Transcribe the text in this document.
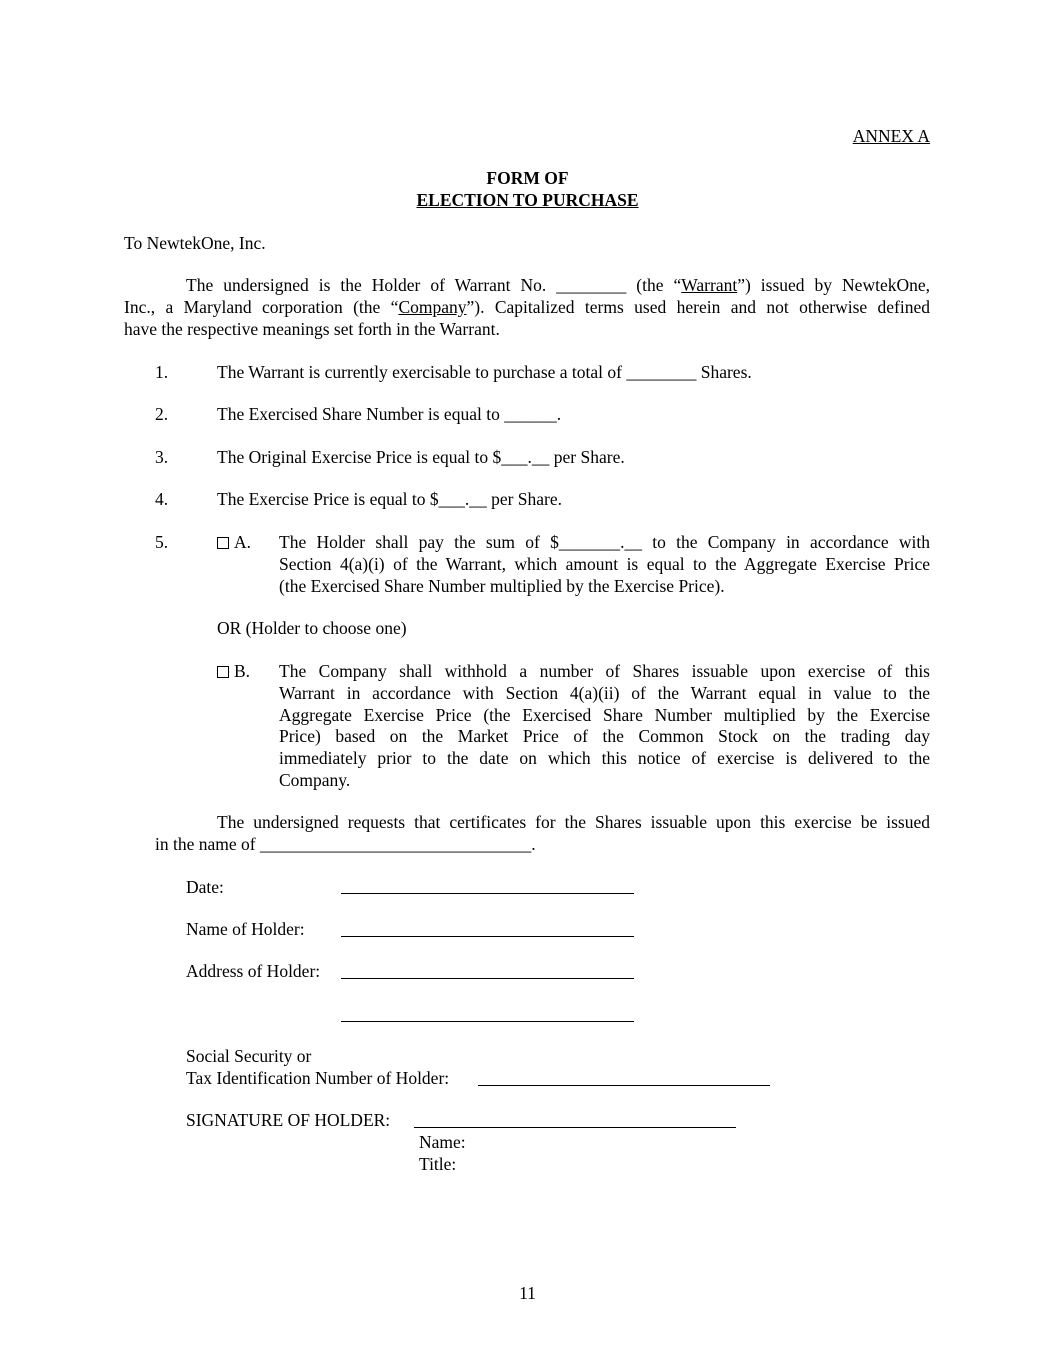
ANNEX A
FORM OF
ELECTION TO PURCHASE
To NewtekOne, Inc.
The undersigned is the Holder of Warrant No. ________ (the “Warrant”) issued by NewtekOne,
Inc., a Maryland corporation (the “Company”). Capitalized terms used herein and not otherwise defined
have the respective meanings set forth in the Warrant.
1.	The Warrant is currently exercisable to purchase a total of ________ Shares.
2.	The Exercised Share Number is equal to ______.
3.	The Original Exercise Price is equal to $___.__ per Share.
4.	The Exercise Price is equal to $___.__ per Share.
5.	A. The Holder shall pay the sum of $_______.__ to the Company in accordance with
Section 4(a)(i) of the Warrant, which amount is equal to the Aggregate Exercise Price
(the Exercised Share Number multiplied by the Exercise Price).
OR (Holder to choose one)
B. The Company shall withhold a number of Shares issuable upon exercise of this
Warrant in accordance with Section 4(a)(ii) of the Warrant equal in value to the
Aggregate Exercise Price (the Exercised Share Number multiplied by the Exercise
Price) based on the Market Price of the Common Stock on the trading day
immediately prior to the date on which this notice of exercise is delivered to the
Company.
The undersigned requests that certificates for the Shares issuable upon this exercise be issued
in the name of _______________________________.
Date:
Name of Holder:
Address of Holder:
Social Security or
Tax Identification Number of Holder:
SIGNATURE OF HOLDER:
Name:
Title:
11
